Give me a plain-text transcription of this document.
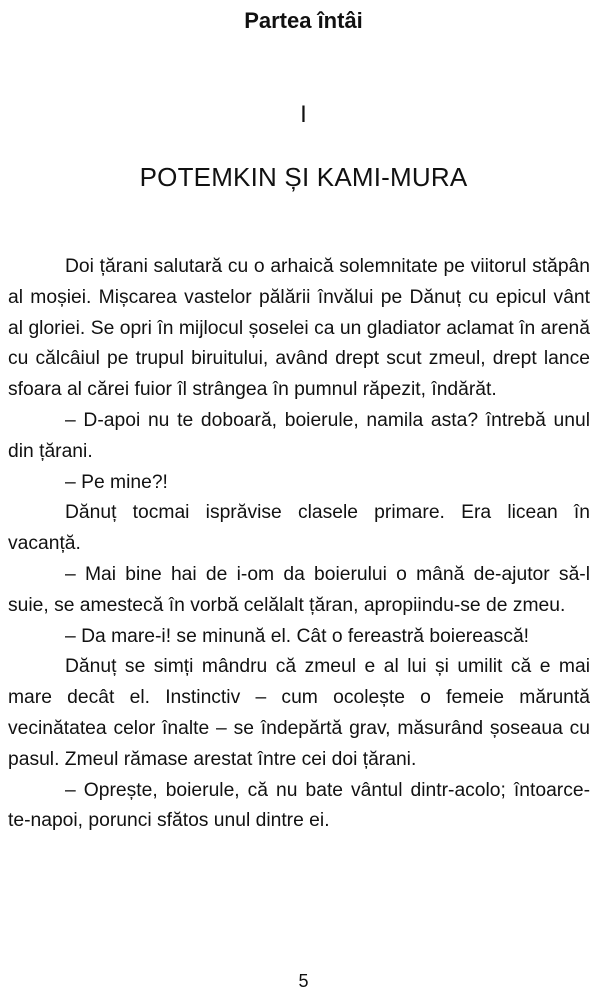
Partea întâi
I
POTEMKIN ȘI KAMI-MURA

Doi țărani salutară cu o arhaică solemnitate pe viitorul stăpân al moșiei. Mișcarea vastelor pălării învălui pe Dănuț cu epicul vânt al gloriei. Se opri în mijlocul șoselei ca un gladiator aclamat în arenă cu călcâiul pe trupul biruitului, având drept scut zmeul, drept lance sfoara al cărei fuior îl strângea în pumnul răpezit, îndărăt.

– D-apoi nu te doboară, boierule, namila asta? întrebă unul din țărani.

– Pe mine?!

Dănuț tocmai isprăvise clasele primare. Era licean în vacanță.

– Mai bine hai de i-om da boierului o mână de-ajutor să-l suie, se amestecă în vorbă celălalt țăran, apropiindu-se de zmeu.

– Da mare-i! se minună el. Cât o fereastră boierească!

Dănuț se simți mândru că zmeul e al lui și umilit că e mai mare decât el. Instinctiv – cum ocolește o femeie măruntă vecinătatea celor înalte – se îndepărtă grav, măsurând șoseaua cu pasul. Zmeul rămase arestat între cei doi țărani.

– Oprește, boierule, că nu bate vântul dintr-acolo; întoarce-te-napoi, porunci sfătos unul dintre ei.

5
